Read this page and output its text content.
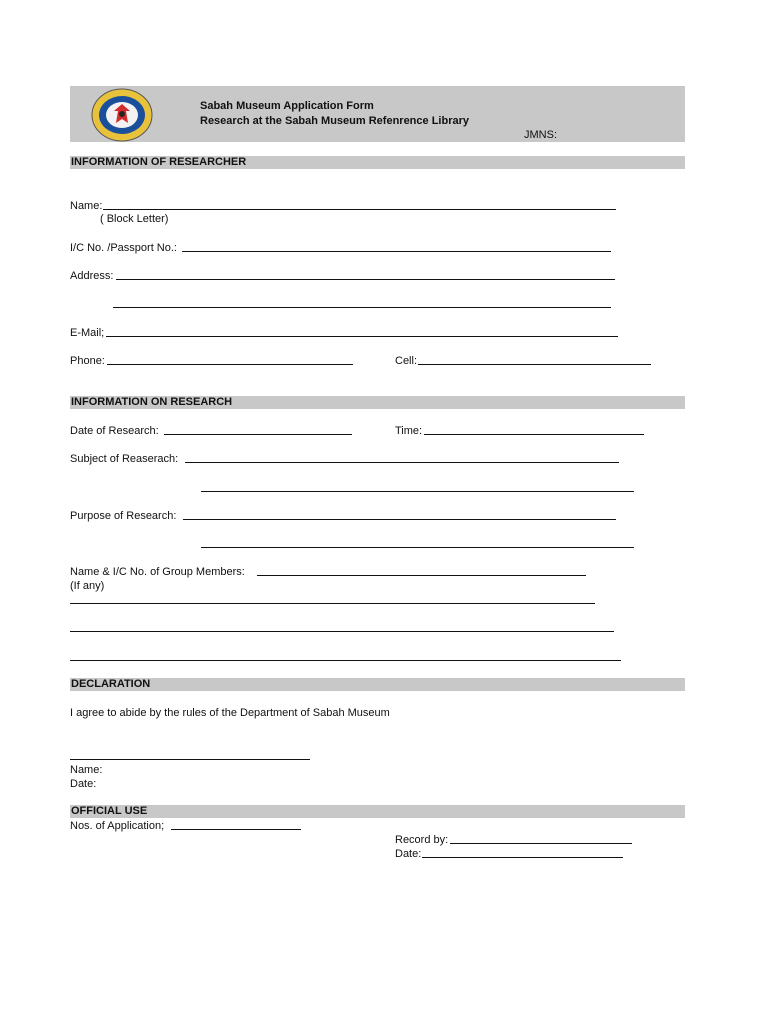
Sabah Museum Application Form
Research at the Sabah Museum Refenrence Library
JMNS:
INFORMATION OF RESEARCHER
Name:
( Block Letter)
I/C No. /Passport No.:
Address:
E-Mail;
Phone:	Cell:
INFORMATION ON RESEARCH
Date of Research:	Time:
Subject of Reaserach:
Purpose of Research:
Name & I/C No. of Group Members:
(If any)
DECLARATION
I agree to abide by the rules of the Department of Sabah Museum
Name:
Date:
OFFICIAL USE
Nos. of Application;
Record by:
Date:
